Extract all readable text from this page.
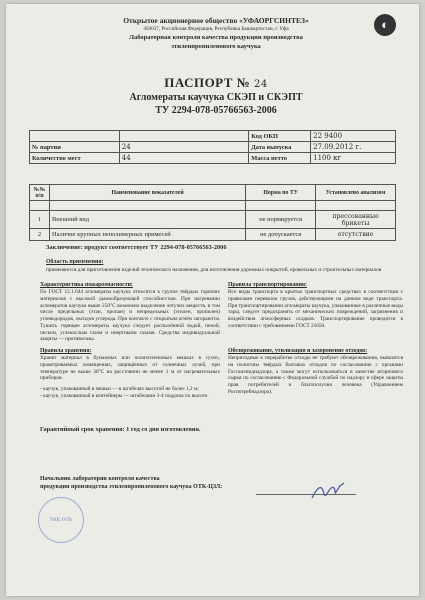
Открытое акционерное общество «УФАОРГСИНТЕЗ»
450037, Российская Федерация, Республика Башкортостан, г. Уфа
Лабораторная контроля качества продукции производства
этиленпропиленового каучука
◐
ПАСПОРТ № 24
Агломераты каучука СКЭП и СКЭПТ
ТУ 2294-078-05766563-2006
		Код ОКП	22 9400
№ партии	24	Дата выпуска	27.09.2012 г.
Количество мест	44	Масса нетто	1100 кг
№№ п/п	Наименование показателей	Норма по ТУ	Установлено анализом

1	Внешний вид	не нормируется	прессованные брикеты
2	Наличие крупных неполимерных примесей	не допускается	отсутствие
Заключение: продукт соответствует ТУ 2294-078-05766563-2006
Область применения:
применяются для приготовления изделий технического назначения, для изготовления дорожных покрытий, кровельных и строительных материалов
Характеристика пожароопасности:
По ГОСТ 12.1.044 агломераты каучука относятся к группе твёрдых горючих материалов с высокой дымообразующей способностью. При нагревании агломератов каучука выше 250°С возможно выделение летучих веществ, в том числе предельных (этан, пропан) и непредельных (этилен, пропилен) углеводородов, оксидов углерода. При контакте с открытым огнём загораются. Тушить горящие агломераты каучука следует распылённой водой, пеной, песком, углекислым газом и инертными газами. Средства индивидуальной защиты — противогазы.
Правила хранения:
Хранят материал в бумажных или полиэтиленовых мешках в сухих, проветриваемых помещениях, защищённых от солнечных лучей, при температуре не выше 30°С на расстоянии не менее 1 м от нагревательных приборов.
- каучук, упакованный в мешки — в штабелях высотой не более 1,2 м;
- каучук, упакованный в контейнеры — штабелями 3-4 поддона по высоте.
Правила транспортирования:
Все виды транспорта в крытых транспортных средствах в соответствии с правилами перевозок грузов, действующими на данном виде транспорта. При транспортировании агломераты каучука, упакованные в различные виды тары, следует предохранять от механических повреждений, загрязнения и воздействия атмосферных осадков. Транспортирование проводится в соответствии с требованиями ГОСТ 21650.
Обезвреживание, утилизация и захоронение отходов:
Непригодные к переработке отходы не требуют обезвреживания, вывозятся на полигоны твёрдых бытовых отходов по согласованию с органами Госсанэпиднадзора, а также могут использоваться в качестве вторичного сырья по согласованию с Федеральной службой по надзору в сфере защиты прав потребителей и благополучия человека (Управлением Роспотребнадзора).
Гарантийный срок хранения: 1 год со дня изготовления.
Начальник лаборатории контроля качества
продукции производства этиленпропиленового каучука ОТК-ЦЗЛ:
УКК ОТК
